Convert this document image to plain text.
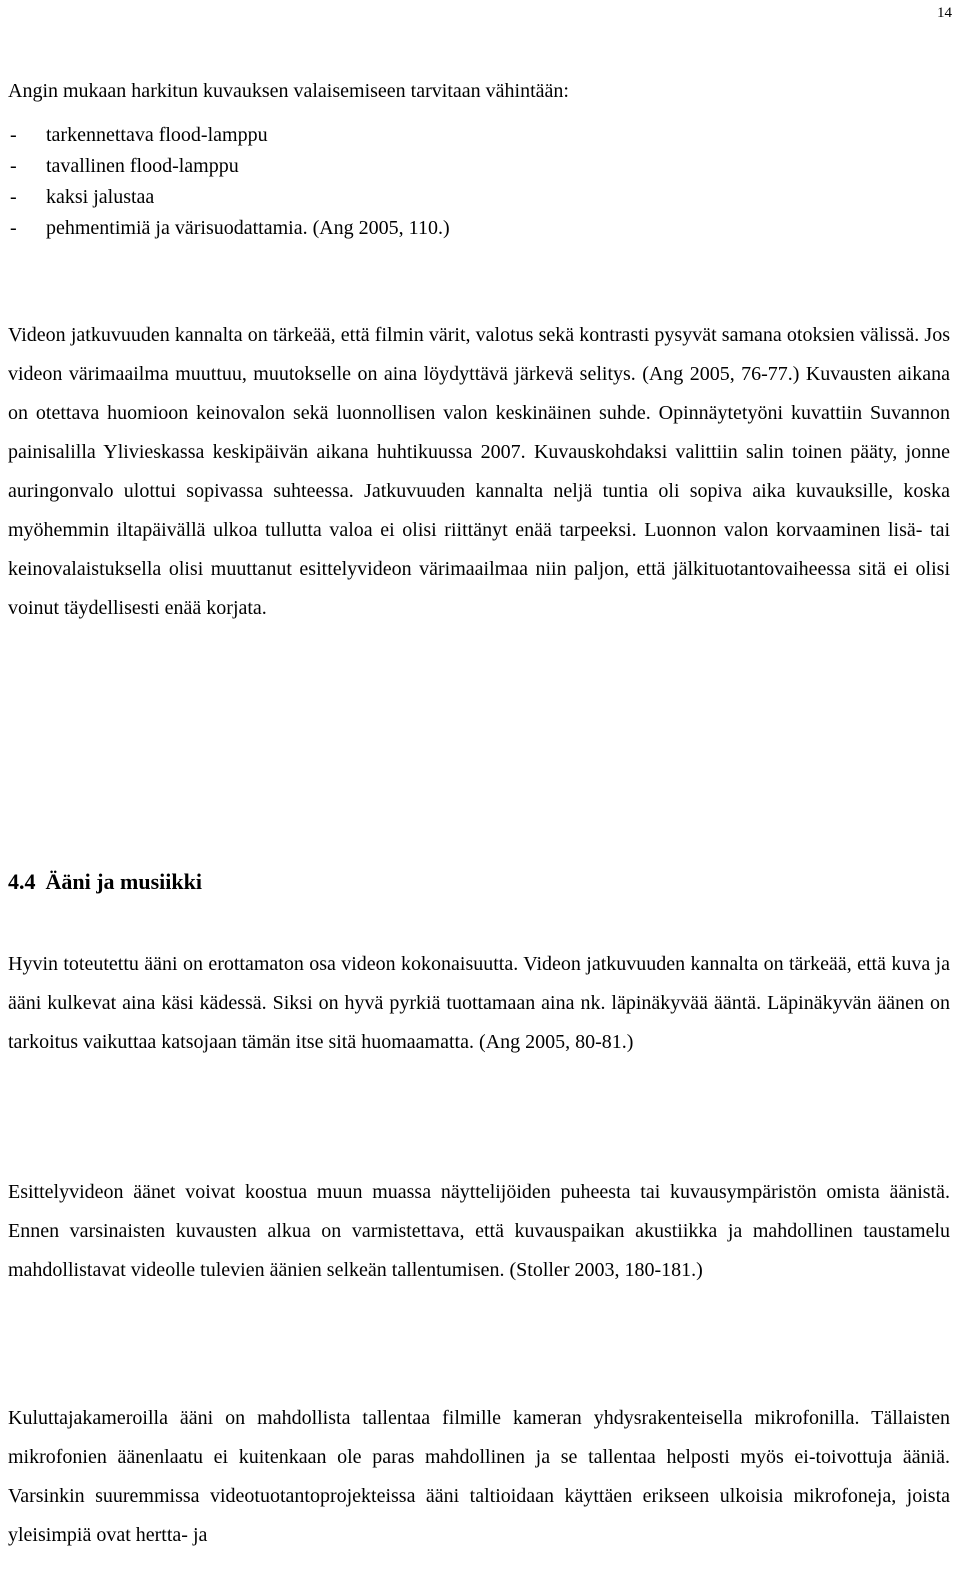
14
Angin mukaan harkitun kuvauksen valaisemiseen tarvitaan vähintään:
- tarkennettava flood-lamppu
- tavallinen flood-lamppu
- kaksi jalustaa
- pehmentimiä ja värisuodattamia. (Ang 2005, 110.)

Videon jatkuvuuden kannalta on tärkeää, että filmin värit, valotus sekä kontrasti pysyvät samana otoksien välissä. Jos videon värimaailma muuttuu, muutokselle on aina löydyttävä järkevä selitys. (Ang 2005, 76-77.) Kuvausten aikana on otettava huomioon keinovalon sekä luonnollisen valon keskinäinen suhde. Opinnäytetyöni kuvattiin Suvannon painisalilla Ylivieskassa keskipäivän aikana huhtikuussa 2007. Kuvauskohdaksi valittiin salin toinen pääty, jonne auringonvalo ulottui sopivassa suhteessa. Jatkuvuuden kannalta neljä tuntia oli sopiva aika kuvauksille, koska myöhemmin iltapäivällä ulkoa tullutta valoa ei olisi riittänyt enää tarpeeksi. Luonnon valon korvaaminen lisä- tai keinovalaistuksella olisi muuttanut esittelyvideon värimaailmaa niin paljon, että jälkituotantovaiheessa sitä ei olisi voinut täydellisesti enää korjata.

4.4 Ääni ja musiikki

Hyvin toteutettu ääni on erottamaton osa videon kokonaisuutta. Videon jatkuvuuden kannalta on tärkeää, että kuva ja ääni kulkevat aina käsi kädessä. Siksi on hyvä pyrkiä tuottamaan aina nk. läpinäkyvää ääntä. Läpinäkyvän äänen on tarkoitus vaikuttaa katsojaan tämän itse sitä huomaamatta. (Ang 2005, 80-81.)

Esittelyvideon äänet voivat koostua muun muassa näyttelijöiden puheesta tai kuvausympäristön omista äänistä. Ennen varsinaisten kuvausten alkua on varmistettava, että kuvauspaikan akustiikka ja mahdollinen taustamelu mahdollistavat videolle tulevien äänien selkeän tallentumisen. (Stoller 2003, 180-181.)

Kuluttajakameroilla ääni on mahdollista tallentaa filmille kameran yhdysrakenteisella mikrofonilla. Tällaisten mikrofonien äänenlaatu ei kuitenkaan ole paras mahdollinen ja se tallentaa helposti myös ei-toivottuja ääniä. Varsinkin suuremmissa videotuotantoprojekteissa ääni taltioidaan käyttäen erikseen ulkoisia mikrofoneja, joista yleisimpiä ovat hertta- ja
